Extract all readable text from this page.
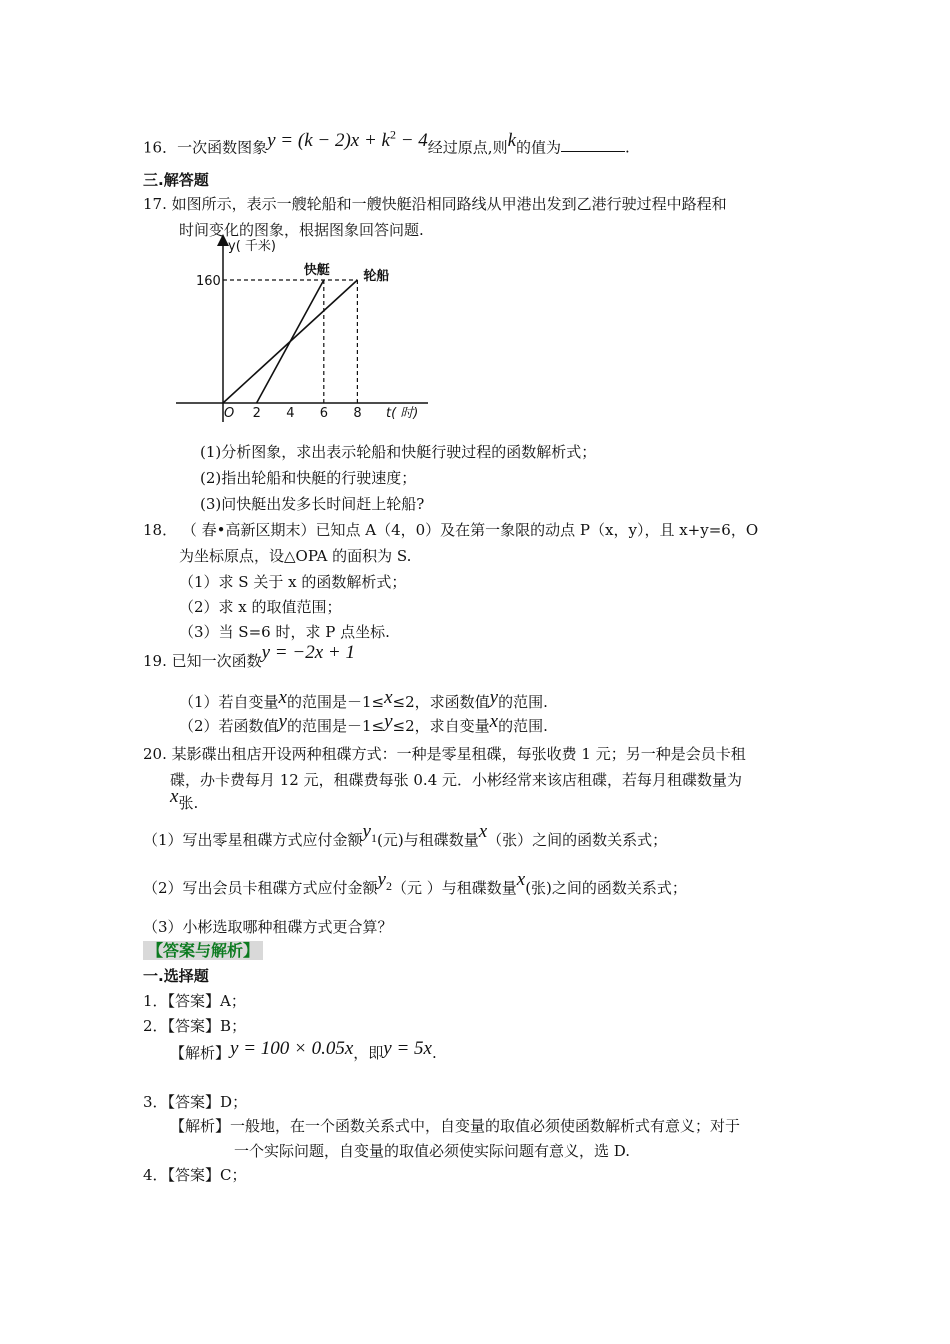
16．一次函数图象$y = (k - 2)x + k^2 - 4$经过原点,则k的值为	.
三.解答题
17. 如图所示，表示一艘轮船和一艘快艇沿相同路线从甲港出发到乙港行驶过程中路程和
时间变化的图象，根据图象回答问题.
y( 千米)
t( 时)
O
快艇	轮船
2 4 6 8
160
(1)分析图象，求出表示轮船和快艇行驶过程的函数解析式；
(2)指出轮船和快艇的行驶速度；
(3)问快艇出发多长时间赶上轮船?
18． （ 春•高新区期末）已知点 A（4，0）及在第一象限的动点 P（x，y），且 x+y=6，O
为坐标原点，设△OPA 的面积为 S.
（1）求 S 关于 x 的函数解析式；
（2）求 x 的取值范围；
（3）当 S=6 时，求 P 点坐标.
19. 已知一次函数y = −2x + 1
（1）若自变量x的范围是－1≤x≤2，求函数值y的范围.
（2）若函数值y的范围是－1≤y≤2，求自变量x的范围.
20. 某影碟出租店开设两种租碟方式：一种是零星租碟，每张收费 1 元；另一种是会员卡租
碟，办卡费每月 12 元，租碟费每张 0.4 元．小彬经常来该店租碟，若每月租碟数量为
x张.
（1）写出零星租碟方式应付金额$y_1$(元)与租碟数量x（张）之间的函数关系式；
（2）写出会员卡租碟方式应付金额$y_2$（元 ）与租碟数量x(张)之间的函数关系式；
（3）小彬选取哪种租碟方式更合算？
【答案与解析】
一.选择题
1．【答案】A；
2．【答案】B；
【解析】y = 100 × 0.05x，即y = 5x.
3．【答案】D；
【解析】一般地，在一个函数关系式中，自变量的取值必须使函数解析式有意义；对于
一个实际问题，自变量的取值必须使实际问题有意义，选 D.
4．【答案】C；
